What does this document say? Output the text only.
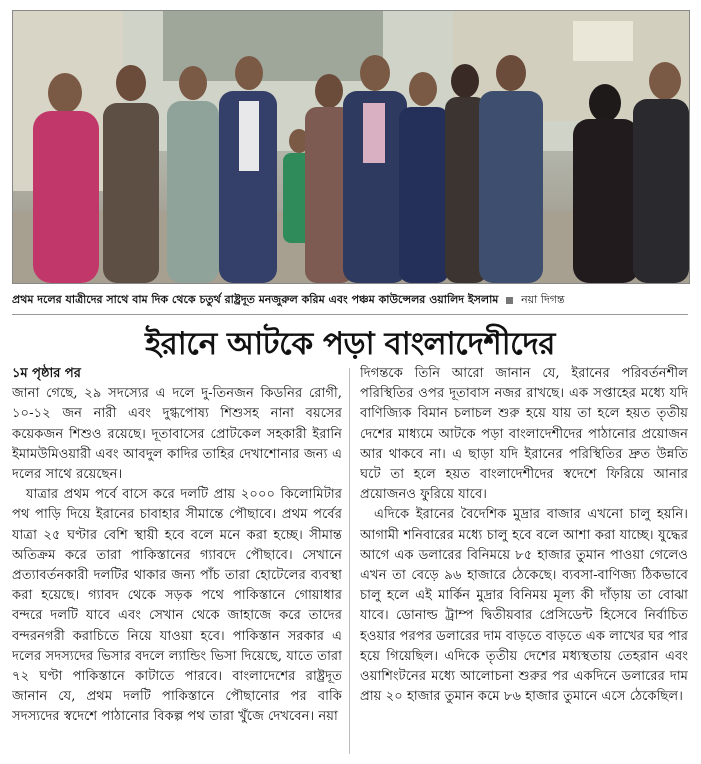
প্রথম দলের যাত্রীদের সাথে বাম দিক থেকে চতুর্থ রাষ্ট্রদূত মনজুরুল করিম এবং পঞ্চম কাউন্সেলর ওয়ালিদ ইসলাম নয়া দিগন্ত
ইরানে আটকে পড়া বাংলাদেশীদের

১ম পৃষ্ঠার পর

জানা গেছে, ২৯ সদস্যের এ দলে দু-তিনজন কিডনির রোগী, ১০-১২ জন নারী এবং দুগ্ধপোষ্য শিশুসহ নানা বয়সের কয়েকজন শিশুও রয়েছে। দূতাবাসের প্রোটকেল সহকারী ইরানি ইমামউমিওয়ারী এবং আবদুল কাদির তাহির দেখাশোনার জন্য এ দলের সাথে রয়েছেন।

যাত্রার প্রথম পর্বে বাসে করে দলটি প্রায় ২০০০ কিলোমিটার পথ পাড়ি দিয়ে ইরানের চাবাহার সীমান্তে পৌছাবে। প্রথম পর্বের যাত্রা ২৫ ঘণ্টার বেশি স্থায়ী হবে বলে মনে করা হচ্ছে। সীমান্ত অতিক্রম করে তারা পাকিস্তানের গ্যাবদে পৌছাবে। সেখানে প্রত্যাবর্তনকারী দলটির থাকার জন্য পাঁচ তারা হোটেলের ব্যবস্থা করা হয়েছে। গ্যাবদ থেকে সড়ক পথে পাকিস্তানে গোয়াধার বন্দরে দলটি যাবে এবং সেখান থেকে জাহাজে করে তাদের বন্দরনগরী করাচিতে নিয়ে যাওয়া হবে। পাকিস্তান সরকার এ দলের সদস্যদের ভিসার বদলে ল্যান্ডিং ভিসা দিয়েছে, যাতে তারা ৭২ ঘণ্টা পাকিস্তানে কাটাতে পারবে। বাংলাদেশের রাষ্ট্রদূত জানান যে, প্রথম দলটি পাকিস্তানে পৌছানোর পর বাকি সদস্যদের স্বদেশে পাঠানোর বিকল্প পথ তারা খুঁজে দেখবেন। নয়া

দিগন্তকে তিনি আরো জানান যে, ইরানের পরিবর্তনশীল পরিস্থিতির ওপর দূতাবাস নজর রাখছে। এক সপ্তাহের মধ্যে যদি বাণিজ্যিক বিমান চলাচল শুরু হয়ে যায় তা হলে হয়ত তৃতীয় দেশের মাধ্যমে আটকে পড়া বাংলাদেশীদের পাঠানোর প্রয়োজন আর থাকবে না। এ ছাড়া যদি ইরানের পরিস্থিতির দ্রুত উন্নতি ঘটে তা হলে হয়ত বাংলাদেশীদের স্বদেশে ফিরিয়ে আনার প্রয়োজনও ফুরিয়ে যাবে।

এদিকে ইরানের বৈদেশিক মুদ্রার বাজার এখনো চালু হয়নি। আগামী শনিবারের মধ্যে চালু হবে বলে আশা করা যাচ্ছে। যুদ্ধের আগে এক ডলারের বিনিময়ে ৮৫ হাজার তুমান পাওয়া গেলেও এখন তা বেড়ে ৯৬ হাজারে ঠেকেছে। ব্যবসা-বাণিজ্য ঠিকভাবে চালু হলে এই মার্কিন মুদ্রার বিনিময় মূল্য কী দাঁড়ায় তা বোঝা যাবে। ডোনাল্ড ট্রাম্প দ্বিতীয়বার প্রেসিডেন্ট হিসেবে নির্বাচিত হওয়ার পরপর ডলারের দাম বাড়তে বাড়তে এক লাখের ঘর পার হয়ে গিয়েছিল। এদিকে তৃতীয় দেশের মধ্যস্থতায় তেহরান এবং ওয়াশিংটনের মধ্যে আলোচনা শুরুর পর একদিনে ডলারের দাম প্রায় ২০ হাজার তুমান কমে ৮৬ হাজার তুমানে এসে ঠেকেছিল।
